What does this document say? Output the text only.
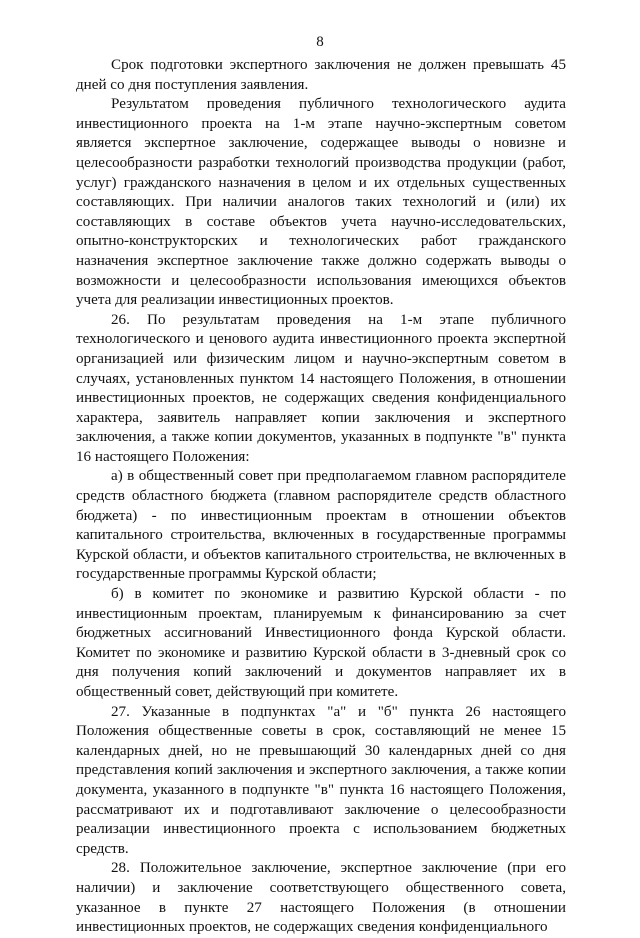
8

Срок подготовки экспертного заключения не должен превышать 45 дней со дня поступления заявления.

Результатом проведения публичного технологического аудита инвестиционного проекта на 1-м этапе научно-экспертным советом является экспертное заключение, содержащее выводы о новизне и целесообразности разработки технологий производства продукции (работ, услуг) гражданского назначения в целом и их отдельных существенных составляющих. При наличии аналогов таких технологий и (или) их составляющих в составе объектов учета научно-исследовательских, опытно-конструкторских и технологических работ гражданского назначения экспертное заключение также должно содержать выводы о возможности и целесообразности использования имеющихся объектов учета для реализации инвестиционных проектов.

26. По результатам проведения на 1-м этапе публичного технологического и ценового аудита инвестиционного проекта экспертной организацией или физическим лицом и научно-экспертным советом в случаях, установленных пунктом 14 настоящего Положения, в отношении инвестиционных проектов, не содержащих сведения конфиденциального характера, заявитель направляет копии заключения и экспертного заключения, а также копии документов, указанных в подпункте "в" пункта 16 настоящего Положения:

а) в общественный совет при предполагаемом главном распорядителе средств областного бюджета (главном распорядителе средств областного бюджета) - по инвестиционным проектам в отношении объектов капитального строительства, включенных в государственные программы Курской области, и объектов капитального строительства, не включенных в государственные программы Курской области;

б) в комитет по экономике и развитию Курской области - по инвестиционным проектам, планируемым к финансированию за счет бюджетных ассигнований Инвестиционного фонда Курской области. Комитет по экономике и развитию Курской области в 3-дневный срок со дня получения копий заключений и документов направляет их в общественный совет, действующий при комитете.

27. Указанные в подпунктах "а" и "б" пункта 26 настоящего Положения общественные советы в срок, составляющий не менее 15 календарных дней, но не превышающий 30 календарных дней со дня представления копий заключения и экспертного заключения, а также копии документа, указанного в подпункте "в" пункта 16 настоящего Положения, рассматривают их и подготавливают заключение о целесообразности реализации инвестиционного проекта с использованием бюджетных средств.

28. Положительное заключение, экспертное заключение (при его наличии) и заключение соответствующего общественного совета, указанное в пункте 27 настоящего Положения (в отношении инвестиционных проектов, не содержащих сведения конфиденциального
